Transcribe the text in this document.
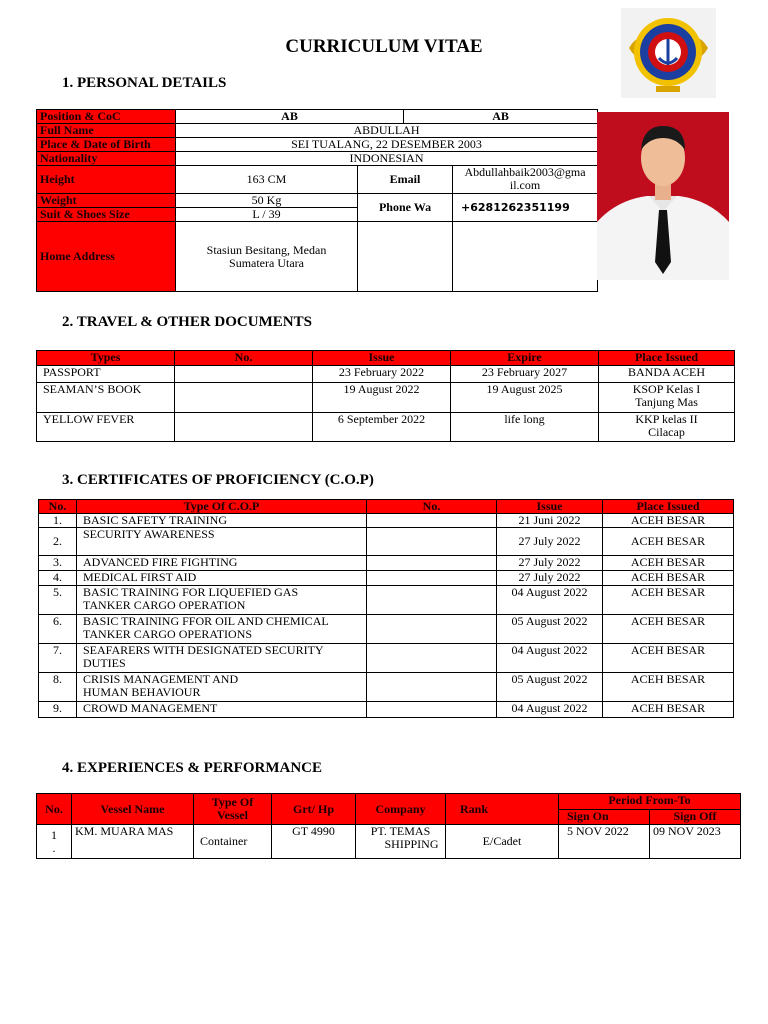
CURRICULUM VITAE
1. PERSONAL DETAILS
Position & CoC	AB		AB	
Full Name	ABDULLAH			
Place & Date of Birth	SEI TUALANG, 22 DESEMBER 2003			
Nationality	INDONESIAN			
Height	163 CM	Email		Abdullahbaik2003@gma
il.com
Weight	50 Kg	Phone Wa		+6281262351199
Suit & Shoes Size	L / 39			
Home Address	Stasiun Besitang, Medan
Sumatera Utara			
2. TRAVEL & OTHER DOCUMENTS
Types	No.	Issue	Expire	Place Issued
PASSPORT		23 February 2022	23 February 2027	BANDA ACEH
SEAMAN’S BOOK		19 August 2022	19 August 2025	KSOP Kelas I
Tanjung Mas
YELLOW FEVER		6 September 2022	life long	KKP kelas II
Cilacap
3. CERTIFICATES OF PROFICIENCY (C.O.P)
No.	Type Of C.O.P	No.	Issue	Place Issued
1.	BASIC SAFETY TRAINING		21 Juni 2022	ACEH BESAR
2.	SECURITY AWARENESS		27 July 2022	ACEH BESAR
3.	ADVANCED FIRE FIGHTING		27 July 2022	ACEH BESAR
4.	MEDICAL FIRST AID		27 July 2022	ACEH BESAR
5.	BASIC TRAINING FOR LIQUEFIED GAS
TANKER CARGO OPERATION		04 August 2022	ACEH BESAR
6.	BASIC TRAINING FFOR OIL AND CHEMICAL
TANKER CARGO OPERATIONS		05 August 2022	ACEH BESAR
7.	SEAFARERS WITH DESIGNATED SECURITY
DUTIES		04 August 2022	ACEH BESAR
8.	CRISIS MANAGEMENT AND
HUMAN BEHAVIOUR		05 August 2022	ACEH BESAR
9.	CROWD MANAGEMENT		04 August 2022	ACEH BESAR
4. EXPERIENCES & PERFORMANCE
No.	Vessel Name	Type Of
Vessel	Grt/ Hp	Company	Rank	Period From-To	
						Sign On	Sign Off
1
.	KM. MUARA MAS	Container	GT 4990	PT. TEMAS
SHIPPING	E/Cadet	5 NOV 2022	09 NOV 2023
